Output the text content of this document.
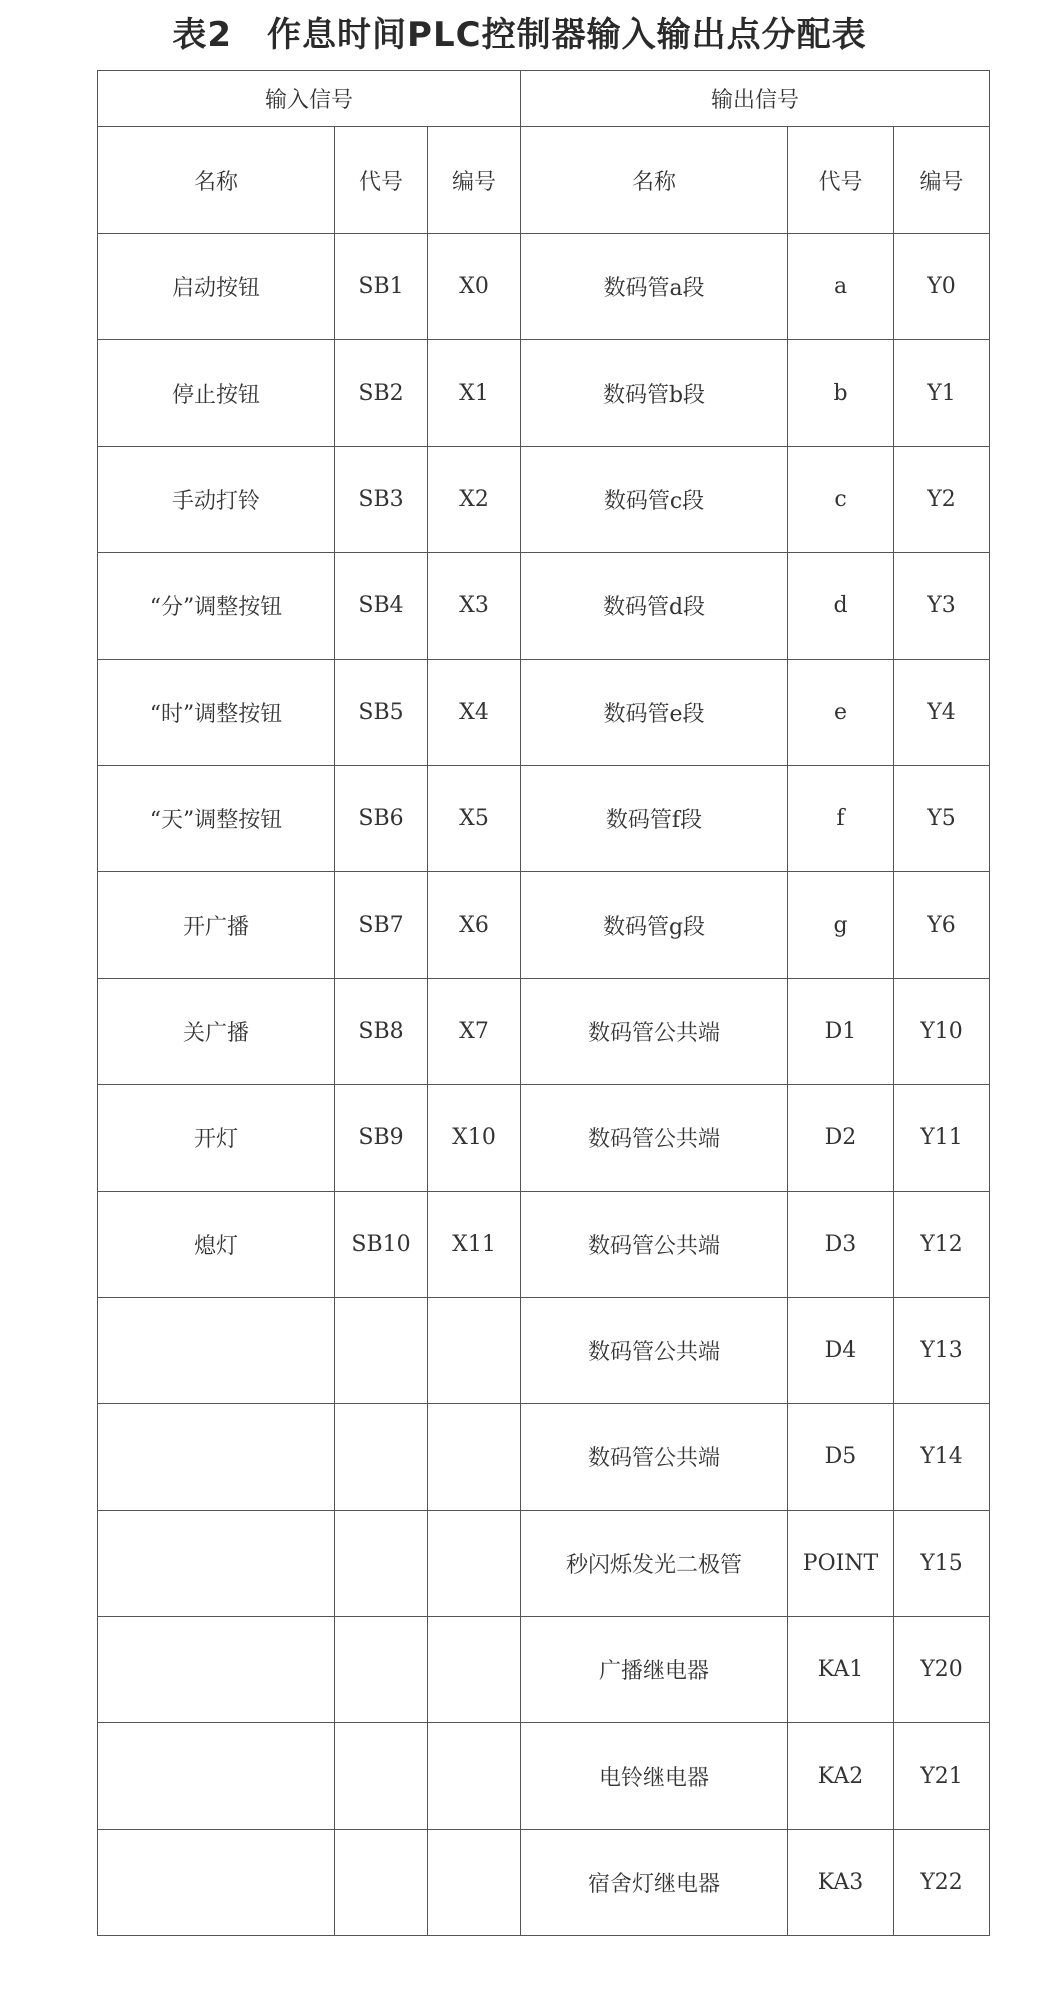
表2　作息时间PLC控制器输入输出点分配表
输入信号			输出信号		
名称	代号	编号	名称	代号	编号
启动按钮	SB1	X0	数码管a段	a	Y0
停止按钮	SB2	X1	数码管b段	b	Y1
手动打铃	SB3	X2	数码管c段	c	Y2
“分”调整按钮	SB4	X3	数码管d段	d	Y3
“时”调整按钮	SB5	X4	数码管e段	e	Y4
“天”调整按钮	SB6	X5	数码管f段	f	Y5
开广播	SB7	X6	数码管g段	g	Y6
关广播	SB8	X7	数码管公共端	D1	Y10
开灯	SB9	X10	数码管公共端	D2	Y11
熄灯	SB10	X11	数码管公共端	D3	Y12
			数码管公共端	D4	Y13
			数码管公共端	D5	Y14
			秒闪烁发光二极管	POINT	Y15
			广播继电器	KA1	Y20
			电铃继电器	KA2	Y21
			宿舍灯继电器	KA3	Y22
